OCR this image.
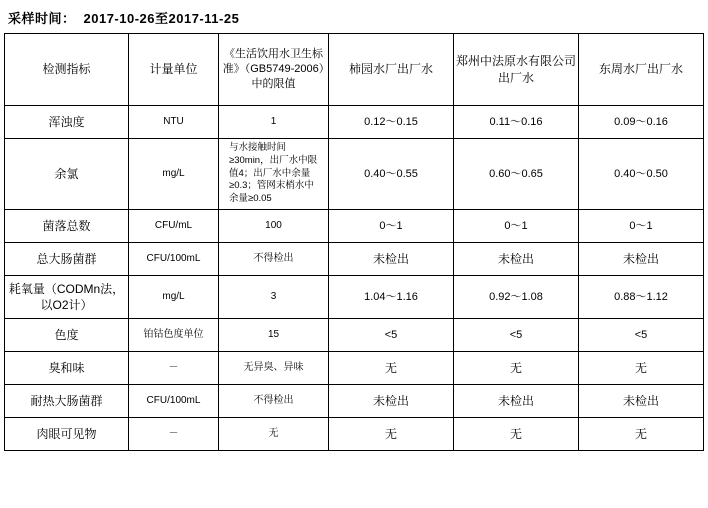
采样时间： 2017-10-26至2017-11-25
检测指标	计量单位	《生活饮用水卫生标准》（GB5749-2006）中的限值	柿园水厂出厂水	郑州中法原水有限公司出厂水	东周水厂出厂水
浑浊度	NTU	1	0.12～0.15	0.11～0.16	0.09～0.16
余氯	mg/L	与水接触时间≥30min，出厂水中限值4；出厂水中余量≥0.3；管网末梢水中余量≥0.05	0.40～0.55	0.60～0.65	0.40～0.50
菌落总数	CFU/mL	100	0～1	0～1	0～1
总大肠菌群	CFU/100mL	不得检出	未检出	未检出	未检出
耗氧量（CODMn法，以O2计）	mg/L	3	1.04～1.16	0.92～1.08	0.88～1.12
色度	铂钴色度单位	15	<5	<5	<5
臭和味	－	无异臭、异味	无	无	无
耐热大肠菌群	CFU/100mL	不得检出	未检出	未检出	未检出
肉眼可见物	－	无	无	无	无
